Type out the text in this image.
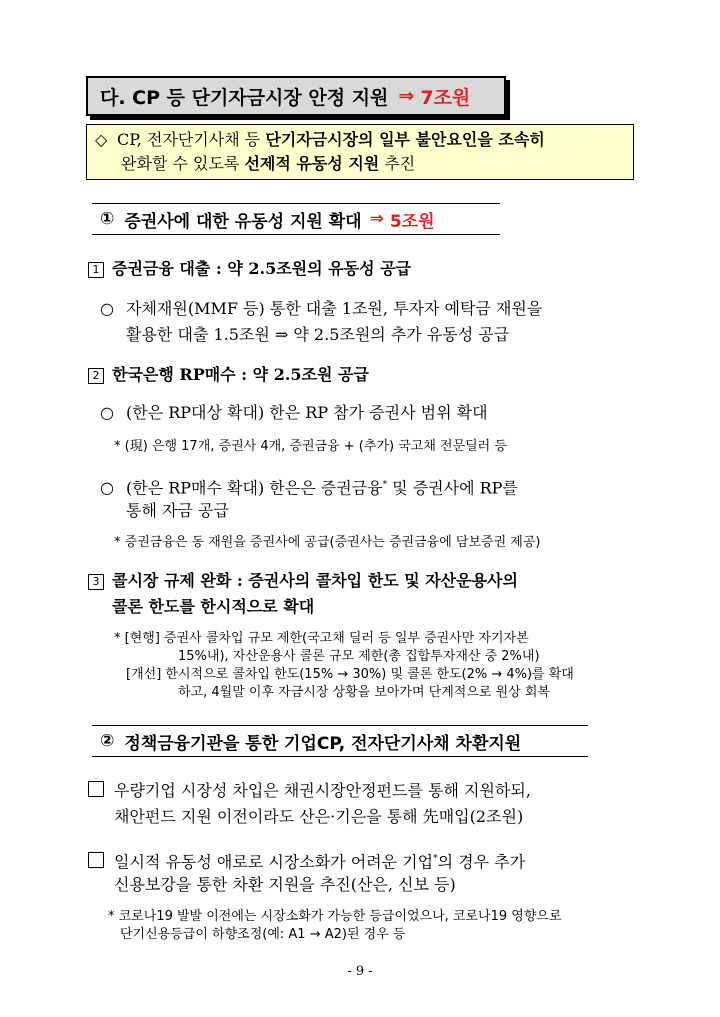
다. CP 등 단기자금시장 안정 지원 ⇒ 7조원
◇ CP, 전자단기사채 등 단기자금시장의 일부 불안요인을 조속히
완화할 수 있도록 선제적 유동성 지원 추진
① 증권사에 대한 유동성 지원 확대 ⇒ 5조원
1 증권금융 대출 : 약 2.5조원의 유동성 공급
○ 자체재원(MMF 등) 통한 대출 1조원, 투자자 예탁금 재원을
활용한 대출 1.5조원 ⇒ 약 2.5조원의 추가 유동성 공급
2 한국은행 RP매수 : 약 2.5조원 공급
○ (한은 RP대상 확대) 한은 RP 참가 증권사 범위 확대
* (現) 은행 17개, 증권사 4개, 증권금융 + (추가) 국고채 전문딜러 등
○ (한은 RP매수 확대) 한은은 증권금융* 및 증권사에 RP를
통해 자금 공급
* 증권금융은 동 재원을 증권사에 공급(증권사는 증권금융에 담보증권 제공)
3 콜시장 규제 완화 : 증권사의 콜차입 한도 및 자산운용사의
콜론 한도를 한시적으로 확대
* [현행] 증권사 콜차입 규모 제한(국고채 딜러 등 일부 증권사만 자기자본
15%내), 자산운용사 콜론 규모 제한(총 집합투자재산 중 2%내)
[개선] 한시적으로 콜차입 한도(15% → 30%) 및 콜론 한도(2% → 4%)를 확대
하고, 4월말 이후 자금시장 상황을 보아가며 단계적으로 원상 회복
② 정책금융기관을 통한 기업CP, 전자단기사채 차환지원
우량기업 시장성 차입은 채권시장안정펀드를 통해 지원하되,
채안펀드 지원 이전이라도 산은·기은을 통해 先매입(2조원)
일시적 유동성 애로로 시장소화가 어려운 기업*의 경우 추가
신용보강을 통한 차환 지원을 추진(산은, 신보 등)
* 코로나19 발발 이전에는 시장소화가 가능한 등급이었으나, 코로나19 영향으로
단기신용등급이 하향조정(예: A1 → A2)된 경우 등
- 9 -
